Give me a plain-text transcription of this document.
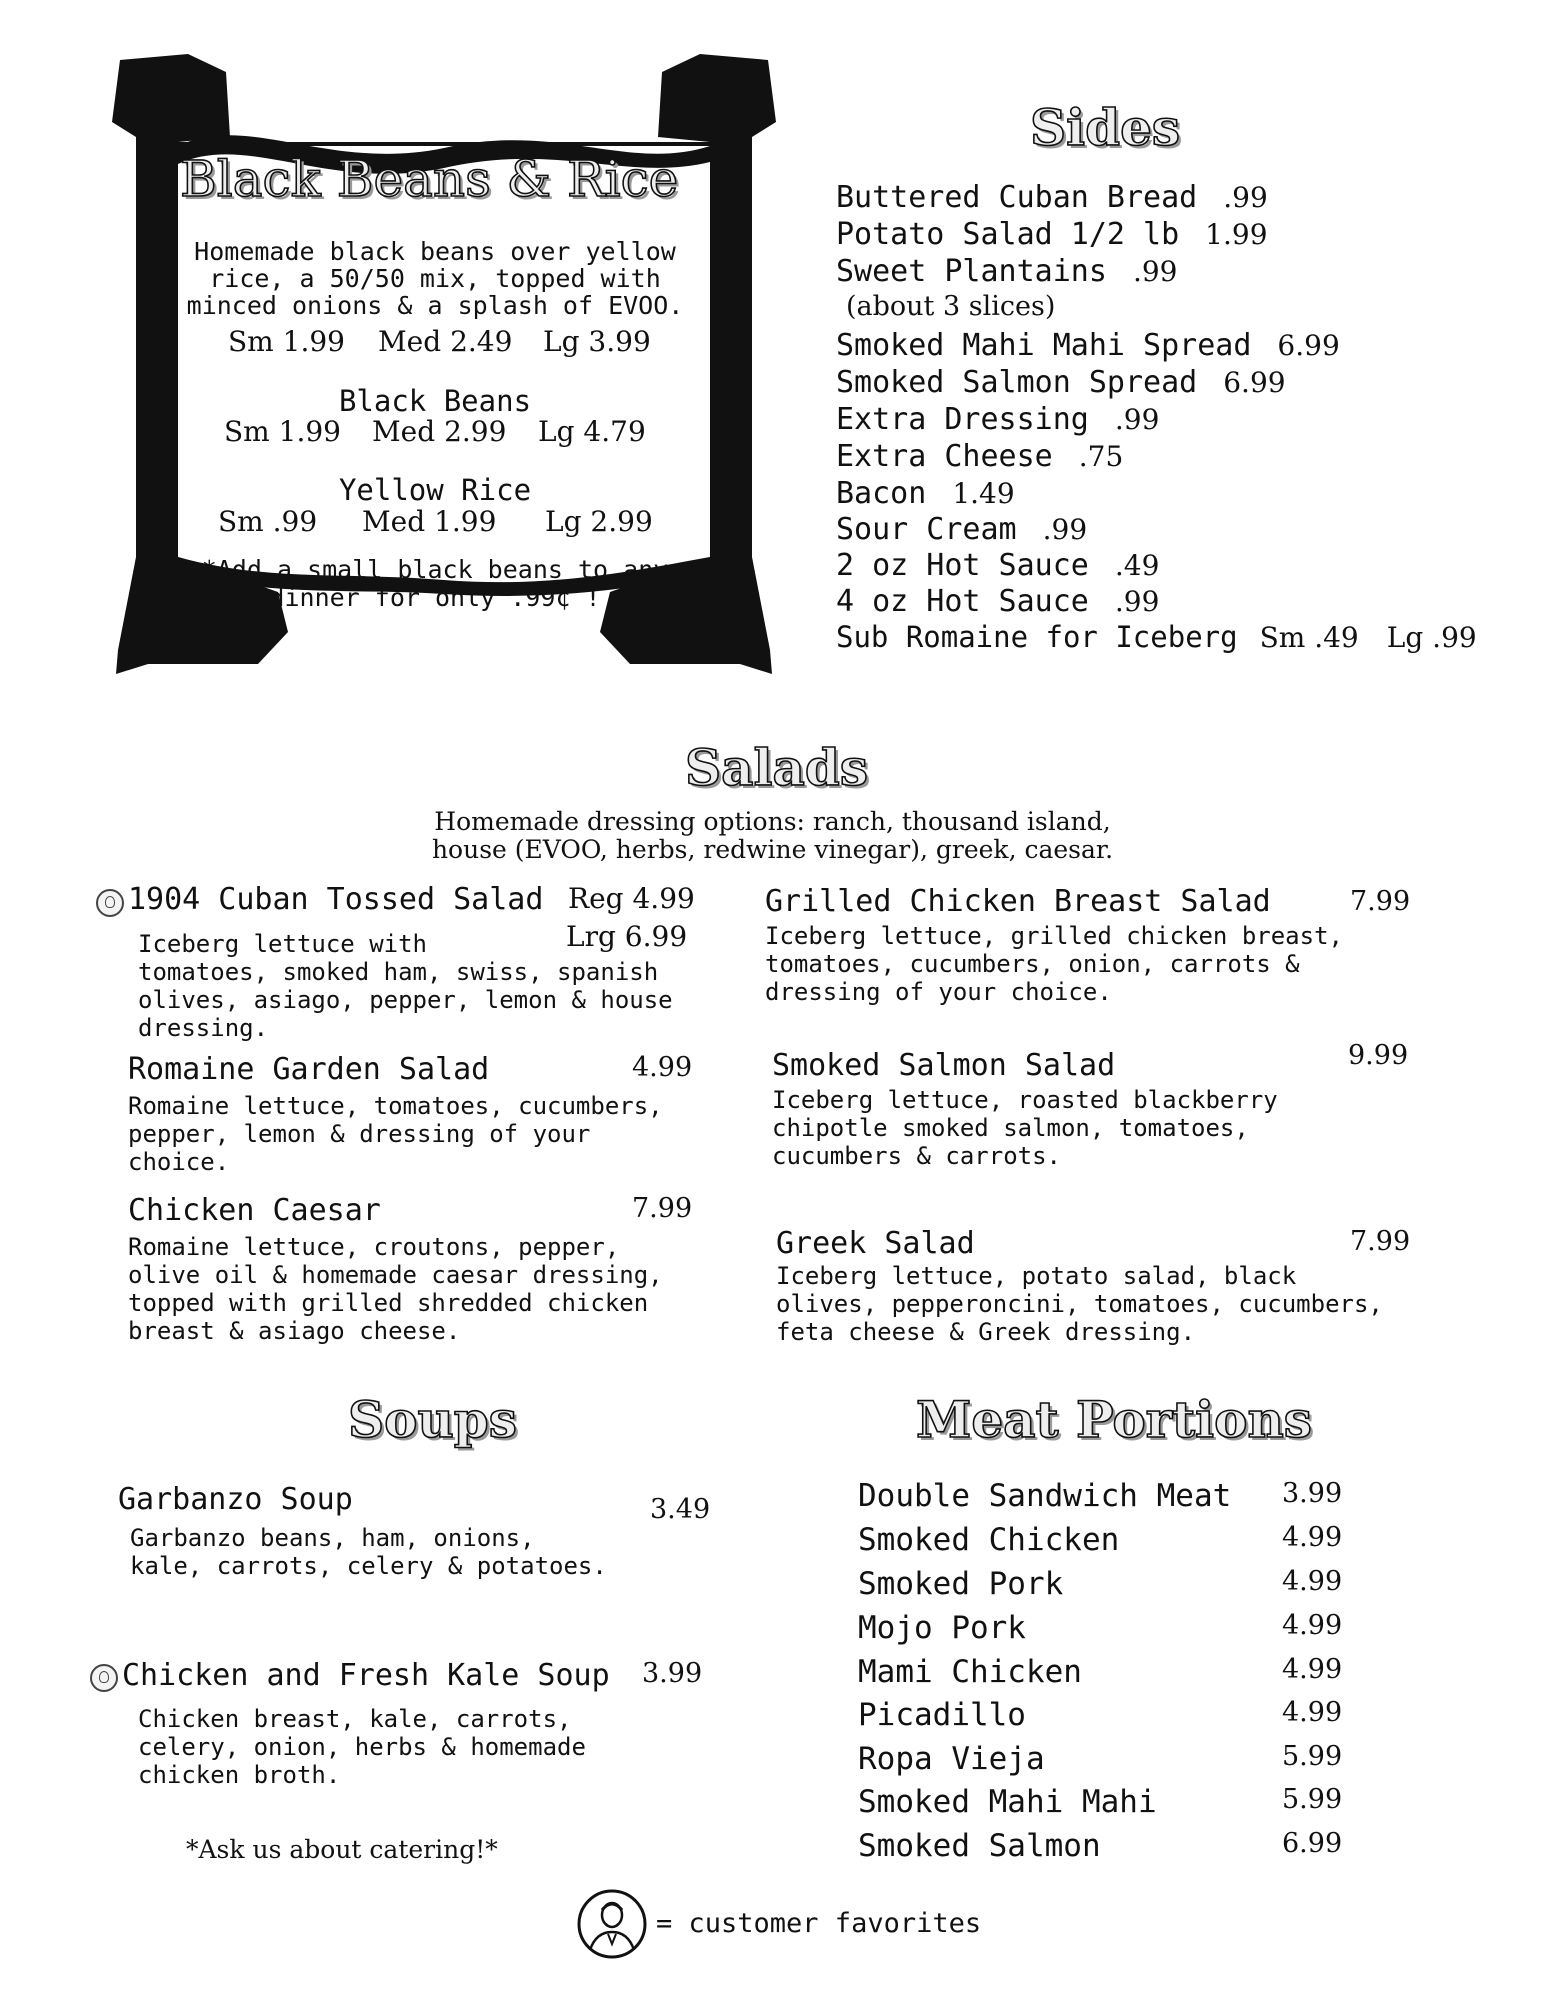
Black Beans & Rice
Homemade black beans over yellow
rice, a 50/50 mix, topped with
minced onions & a splash of EVOO.
Sm 1.99 Med 2.49 Lg 3.99
Black Beans
Sm 1.99 Med 2.99 Lg 4.79
Yellow Rice
Sm .99 Med 1.99 Lg 2.99
*Add a small black beans to any
dinner for only .99¢ !
Sides
Buttered Cuban Bread .99
Potato Salad 1/2 lb 1.99
Sweet Plantains .99
(about 3 slices)
Smoked Mahi Mahi Spread 6.99
Smoked Salmon Spread 6.99
Extra Dressing .99
Extra Cheese .75
Bacon 1.49
Sour Cream .99
2 oz Hot Sauce .49
4 oz Hot Sauce .99
Sub Romaine for Iceberg Sm .49 Lg .99
Salads
Homemade dressing options: ranch, thousand island,
house (EVOO, herbs, redwine vinegar), greek, caesar.
1904 Cuban Tossed Salad Reg 4.99
Lrg 6.99
Iceberg lettuce with
tomatoes, smoked ham, swiss, spanish
olives, asiago, pepper, lemon & house
dressing.
Romaine Garden Salad	4.99
Romaine lettuce, tomatoes, cucumbers,
pepper, lemon & dressing of your
choice.
Chicken Caesar	7.99
Romaine lettuce, croutons, pepper,
olive oil & homemade caesar dressing,
topped with grilled shredded chicken
breast & asiago cheese.
Grilled Chicken Breast Salad	7.99
Iceberg lettuce, grilled chicken breast,
tomatoes, cucumbers, onion, carrots &
dressing of your choice.
Smoked Salmon Salad	9.99
Iceberg lettuce, roasted blackberry
chipotle smoked salmon, tomatoes,
cucumbers & carrots.
Greek Salad	7.99
Iceberg lettuce, potato salad, black
olives, pepperoncini, tomatoes, cucumbers,
feta cheese & Greek dressing.
Soups
Garbanzo Soup	3.49
Garbanzo beans, ham, onions,
kale, carrots, celery & potatoes.
Chicken and Fresh Kale Soup 3.99
Chicken breast, kale, carrots,
celery, onion, herbs & homemade
chicken broth.
*Ask us about catering!*
Meat Portions
Double Sandwich Meat 3.99
Smoked Chicken	4.99
Smoked Pork	4.99
Mojo Pork	4.99
Mami Chicken	4.99
Picadillo	4.99
Ropa Vieja	5.99
Smoked Mahi Mahi	5.99
Smoked Salmon	6.99
= customer favorites
